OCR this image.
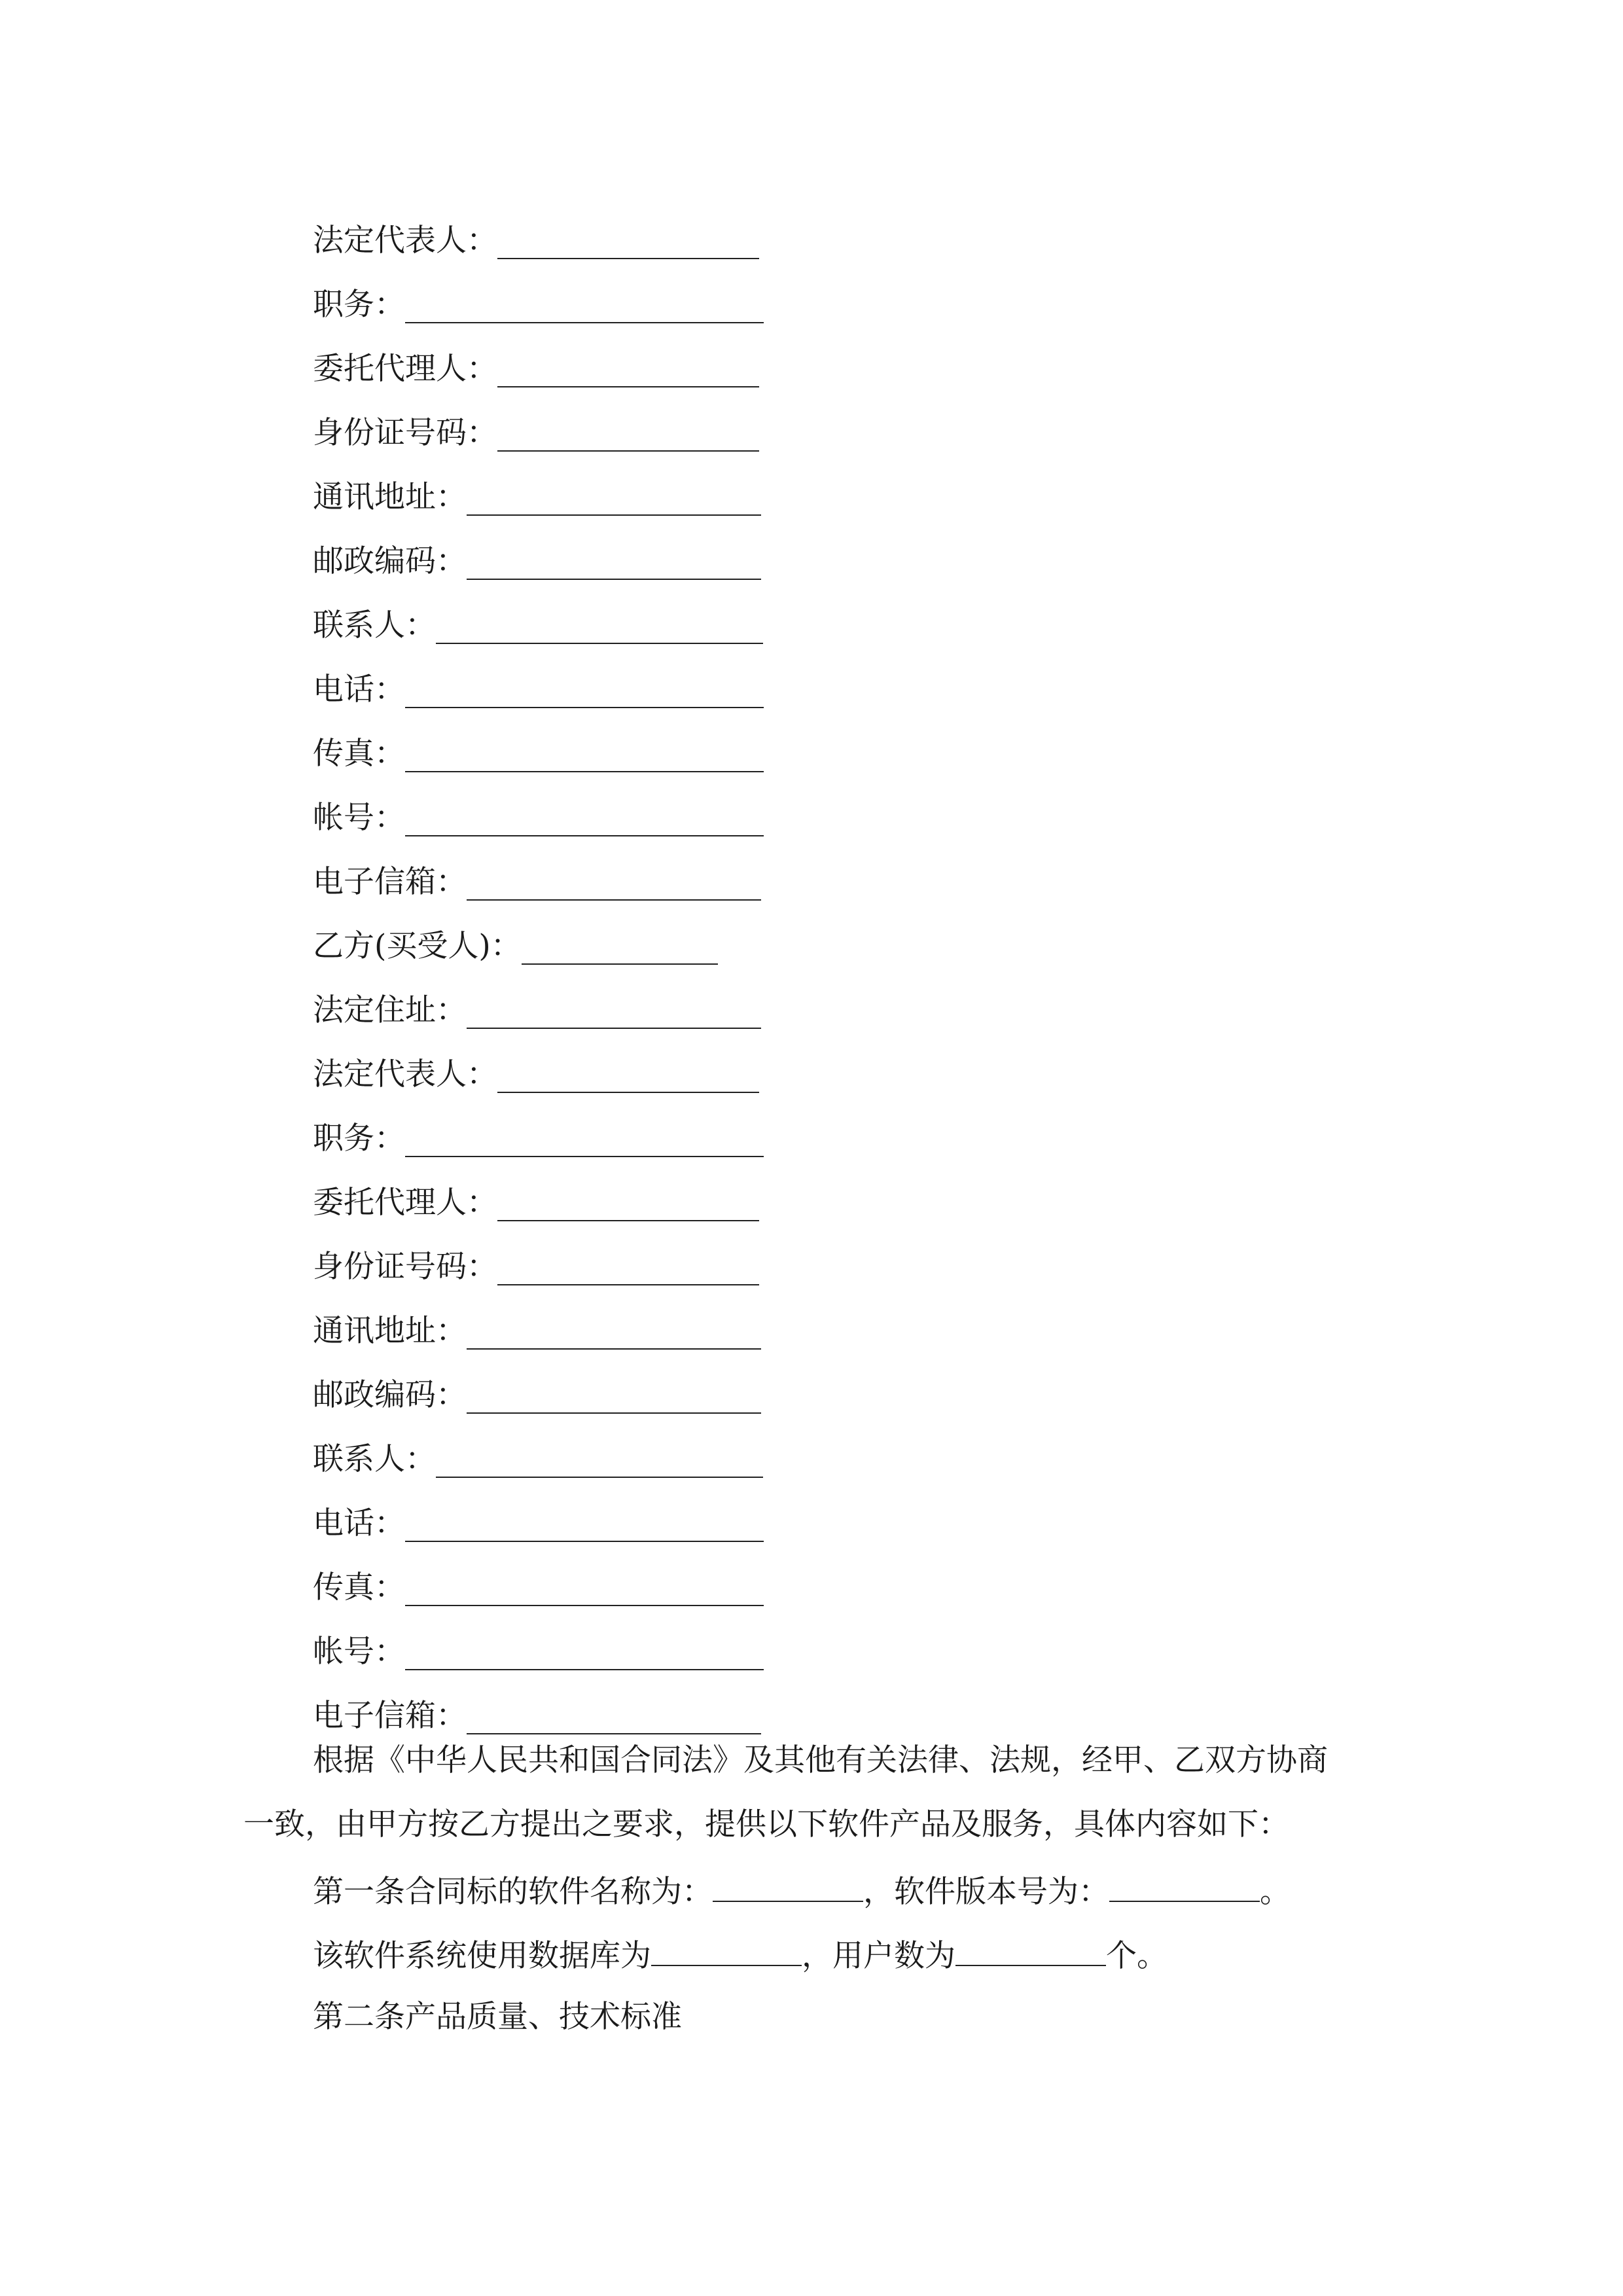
法定代表人：
职务：
委托代理人：
身份证号码：
通讯地址：
邮政编码：
联系人：
电话：
传真：
帐号：
电子信箱：
乙方(买受人)：
法定住址：
法定代表人：
职务：
委托代理人：
身份证号码：
通讯地址：
邮政编码：
联系人：
电话：
传真：
帐号：
电子信箱：
根据《中华人民共和国合同法》及其他有关法律、法规，经甲、乙双方协商
一致，由甲方按乙方提出之要求，提供以下软件产品及服务，具体内容如下：
第一条合同标的软件名称为：	，软件版本号为：	。
该软件系统使用数据库为	，用户数为	个。
第二条产品质量、技术标准
